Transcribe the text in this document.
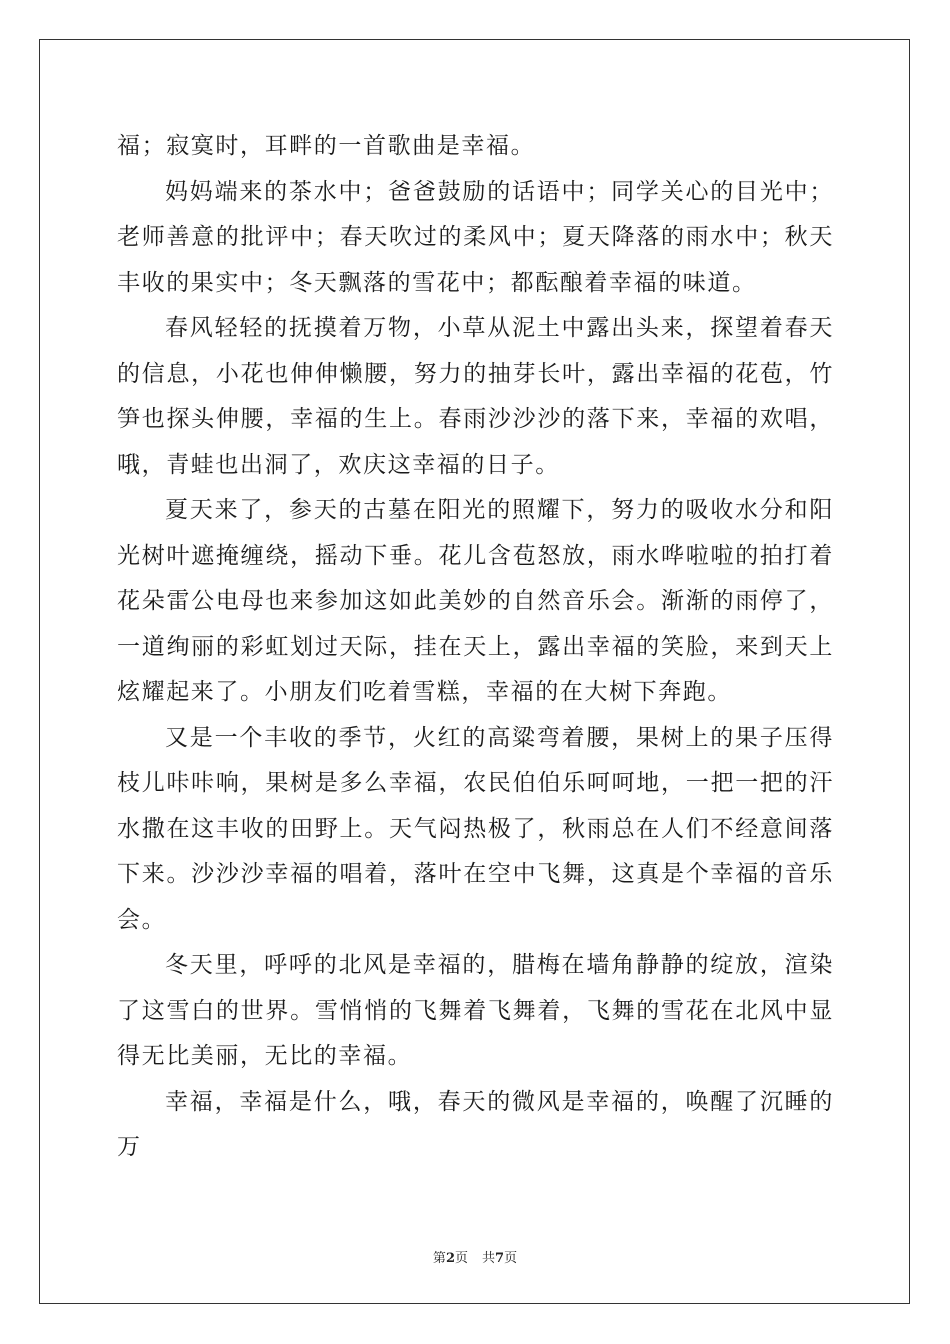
福；寂寞时，耳畔的一首歌曲是幸福。

妈妈端来的茶水中；爸爸鼓励的话语中；同学关心的目光中；老师善意的批评中；春天吹过的柔风中；夏天降落的雨水中；秋天丰收的果实中；冬天飘落的雪花中；都酝酿着幸福的味道。

春风轻轻的抚摸着万物，小草从泥土中露出头来，探望着春天的信息，小花也伸伸懒腰，努力的抽芽长叶，露出幸福的花苞，竹笋也探头伸腰，幸福的生上。春雨沙沙沙的落下来，幸福的欢唱，哦，青蛙也出洞了，欢庆这幸福的日子。

夏天来了，参天的古墓在阳光的照耀下，努力的吸收水分和阳光树叶遮掩缠绕，摇动下垂。花儿含苞怒放，雨水哗啦啦的拍打着花朵雷公电母也来参加这如此美妙的自然音乐会。渐渐的雨停了，一道绚丽的彩虹划过天际，挂在天上，露出幸福的笑脸，来到天上炫耀起来了。小朋友们吃着雪糕，幸福的在大树下奔跑。

又是一个丰收的季节，火红的高粱弯着腰，果树上的果子压得枝儿咔咔响，果树是多么幸福，农民伯伯乐呵呵地，一把一把的汗水撒在这丰收的田野上。天气闷热极了，秋雨总在人们不经意间落下来。沙沙沙幸福的唱着，落叶在空中飞舞，这真是个幸福的音乐会。

冬天里，呼呼的北风是幸福的，腊梅在墙角静静的绽放，渲染了这雪白的世界。雪悄悄的飞舞着飞舞着，飞舞的雪花在北风中显得无比美丽，无比的幸福。

幸福，幸福是什么，哦，春天的微风是幸福的，唤醒了沉睡的万

第2页 共7页
